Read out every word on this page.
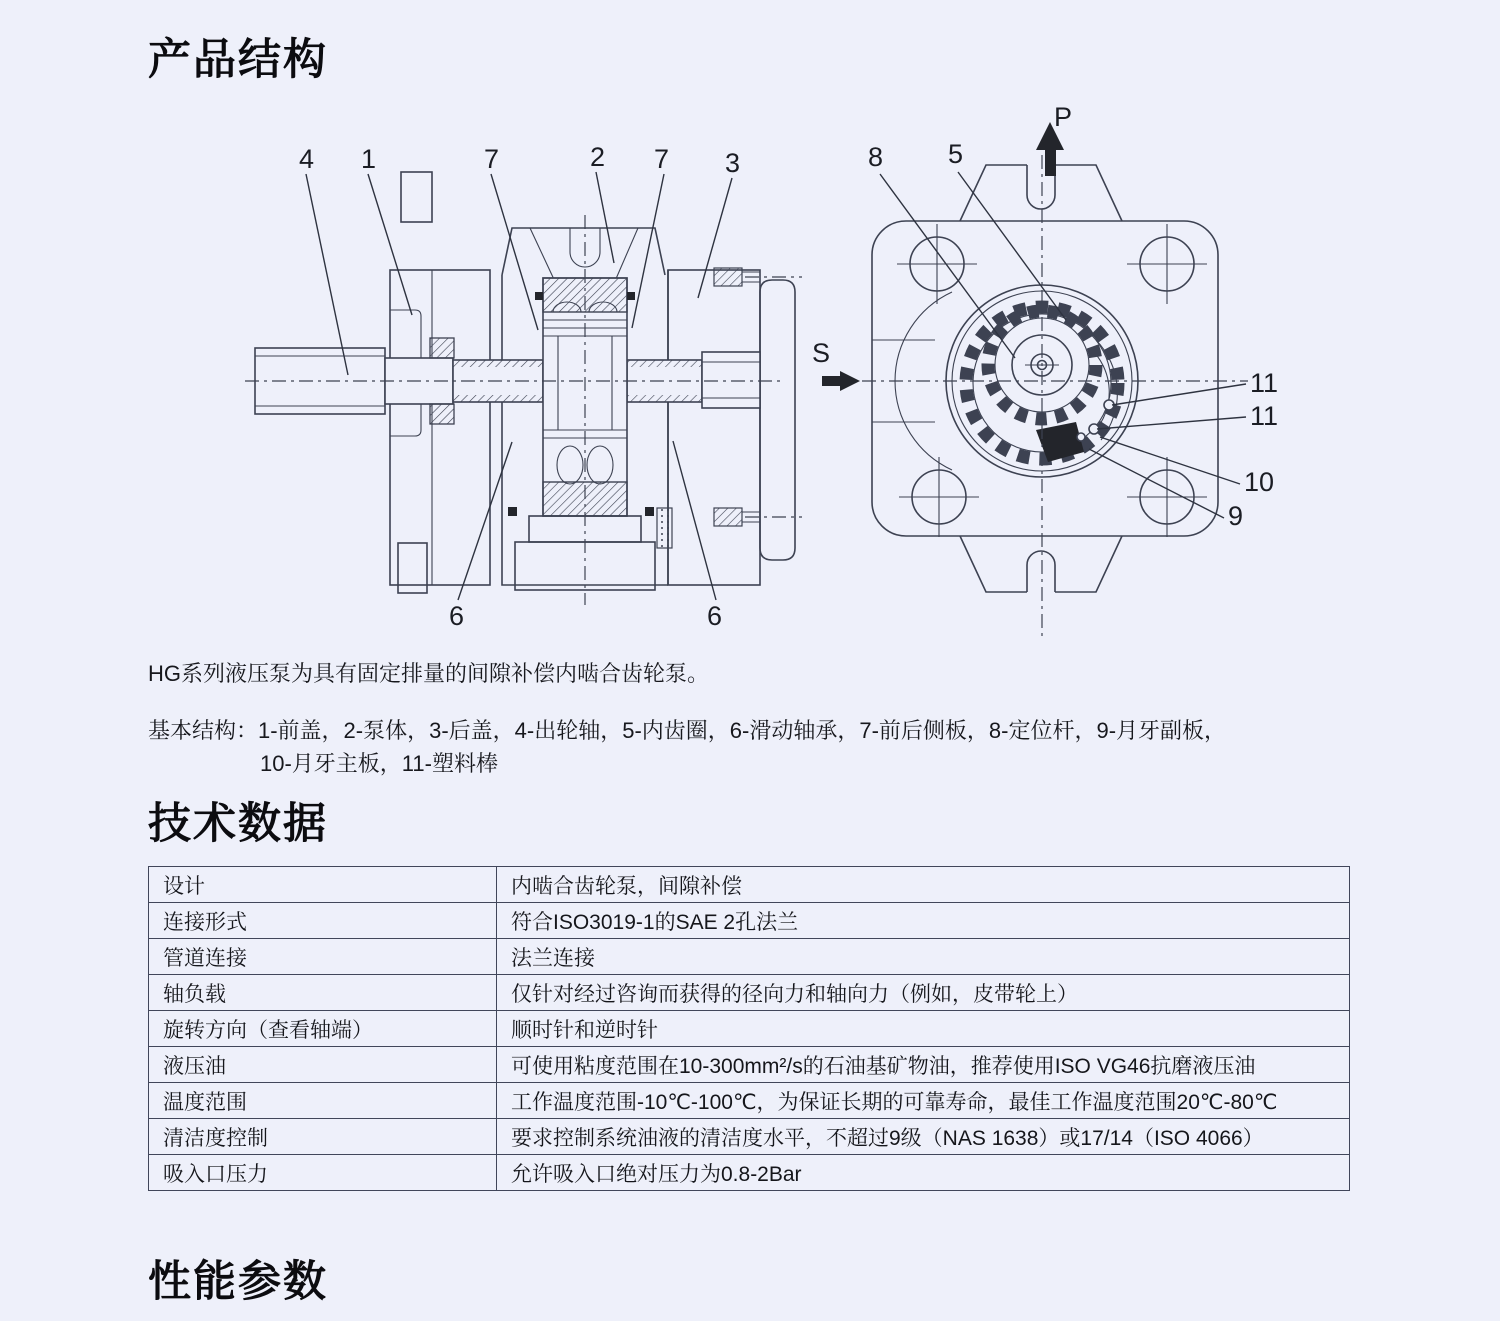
产品结构
4 1	7	2 7 3
6	6
P
S
8 5
11
11
10
9

HG系列液压泵为具有固定排量的间隙补偿内啮合齿轮泵。

基本结构：1-前盖，2-泵体，3-后盖，4-出轮轴，5-内齿圈，6-滑动轴承，7-前后侧板，8-定位杆，9-月牙副板，
10-月牙主板，11-塑料棒

技术数据
设计	内啮合齿轮泵，间隙补偿
连接形式	符合ISO3019-1的SAE 2孔法兰
管道连接	法兰连接
轴负载	仅针对经过咨询而获得的径向力和轴向力（例如，皮带轮上）
旋转方向（查看轴端）	顺时针和逆时针
液压油	可使用粘度范围在10-300mm²/s的石油基矿物油，推荐使用ISO VG46抗磨液压油
温度范围	工作温度范围-10℃-100℃，为保证长期的可靠寿命，最佳工作温度范围20℃-80℃
清洁度控制	要求控制系统油液的清洁度水平，不超过9级（NAS 1638）或17/14（ISO 4066）
吸入口压力	允许吸入口绝对压力为0.8-2Bar
性能参数
